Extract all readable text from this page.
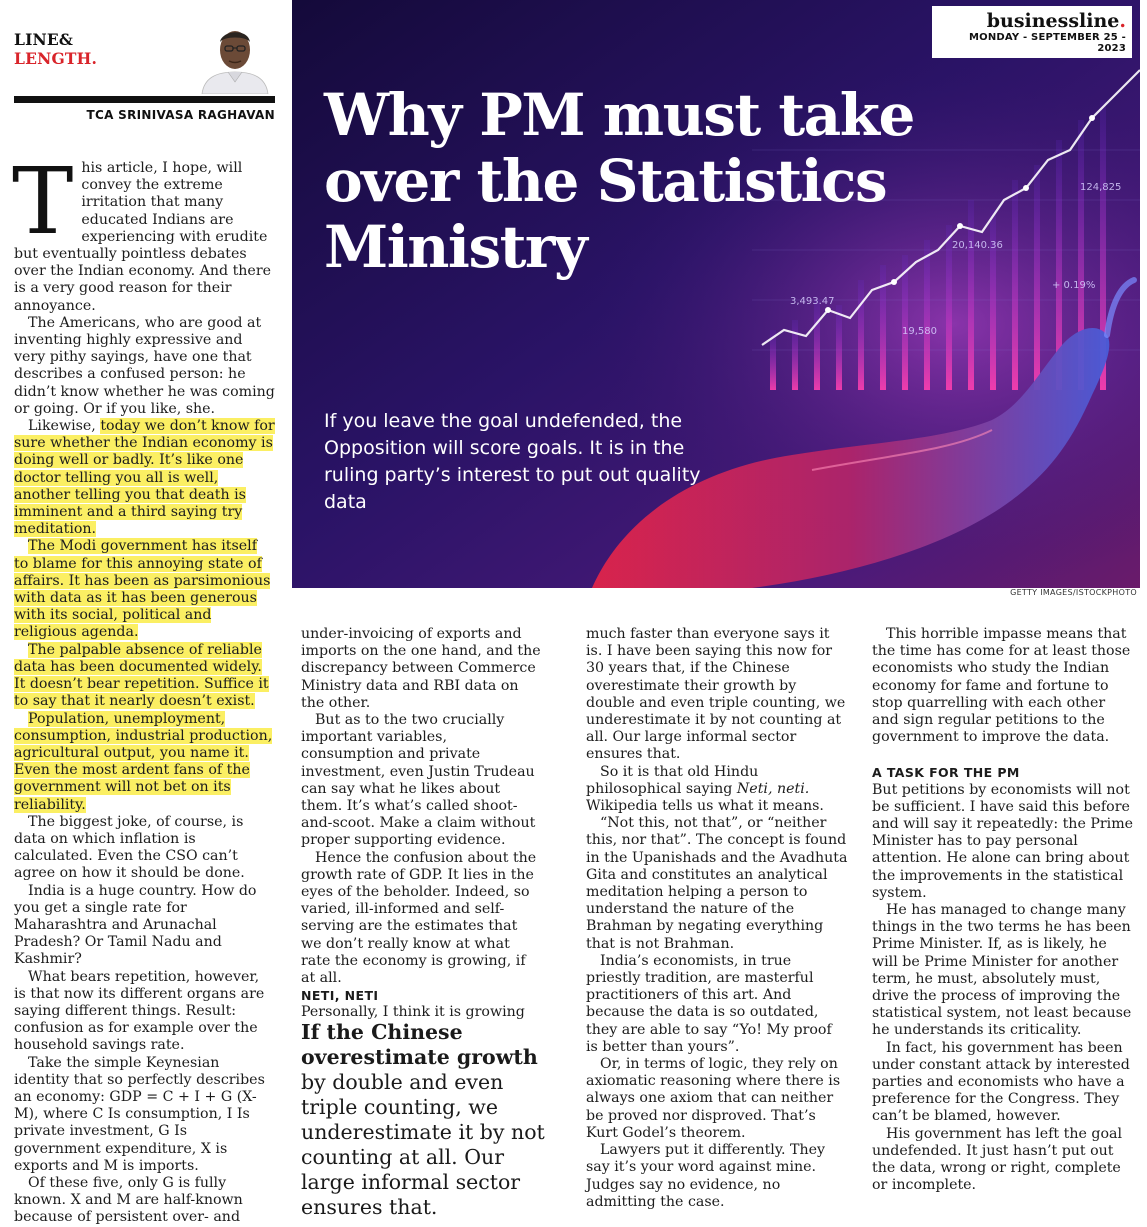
LINE&
LENGTH.
TCA SRINIVASA RAGHAVAN
124,825
20,140.36
+ 0.19%
3,493.47
19,580
Why PM must take over the Statistics Ministry
If you leave the goal undefended, the Opposition will score goals. It is in the ruling party’s interest to put out quality data
businessline.
MONDAY - SEPTEMBER 25 - 2023
GETTY IMAGES/ISTOCKPHOTO

This article, I hope, will convey the extreme irritation that many educated Indians are experiencing with erudite but eventually pointless debates over the Indian economy. And there is a very good reason for their annoyance.

The Americans, who are good at inventing highly expressive and very pithy sayings, have one that describes a confused person: he didn’t know whether he was coming or going. Or if you like, she.

Likewise, today we don’t know for sure whether the Indian economy is doing well or badly. It’s like one doctor telling you all is well, another telling you that death is imminent and a third saying try meditation.

The Modi government has itself to blame for this annoying state of affairs. It has been as parsimonious with data as it has been generous with its social, political and religious agenda.

The palpable absence of reliable data has been documented widely. It doesn’t bear repetition. Suffice it to say that it nearly doesn’t exist.

Population, unemployment, consumption, industrial production, agricultural output, you name it. Even the most ardent fans of the government will not bet on its reliability.

The biggest joke, of course, is data on which inflation is calculated. Even the CSO can’t agree on how it should be done.

India is a huge country. How do you get a single rate for Maharashtra and Arunachal Pradesh? Or Tamil Nadu and Kashmir?

What bears repetition, however, is that now its different organs are saying different things. Result: confusion as for example over the household savings rate.

Take the simple Keynesian identity that so perfectly describes an economy: GDP = C + I + G (X-M), where C Is consumption, I Is private investment, G Is government expenditure, X is exports and M is imports.

Of these five, only G is fully known. X and M are half-known because of persistent over- and

under-invoicing of exports and imports on the one hand, and the discrepancy between Commerce Ministry data and RBI data on the other.

But as to the two crucially important variables, consumption and private investment, even Justin Trudeau can say what he likes about them. It’s what’s called shoot-and-scoot. Make a claim without proper supporting evidence.

Hence the confusion about the growth rate of GDP. It lies in the eyes of the beholder. Indeed, so varied, ill-informed and self-serving are the estimates that we don’t really know at what rate the economy is growing, if at all.

NETI, NETI

Personally, I think it is growing

If the Chinese overestimate growth by double and even triple counting, we underestimate it by not counting at all. Our large informal sector ensures that.

much faster than everyone says it is. I have been saying this now for 30 years that, if the Chinese overestimate their growth by double and even triple counting, we underestimate it by not counting at all. Our large informal sector ensures that.

So it is that old Hindu philosophical saying Neti, neti. Wikipedia tells us what it means.

“Not this, not that”, or “neither this, nor that”. The concept is found in the Upanishads and the Avadhuta Gita and constitutes an analytical meditation helping a person to understand the nature of the Brahman by negating everything that is not Brahman.

India’s economists, in true priestly tradition, are masterful practitioners of this art. And because the data is so outdated, they are able to say “Yo! My proof is better than yours”.

Or, in terms of logic, they rely on axiomatic reasoning where there is always one axiom that can neither be proved nor disproved. That’s Kurt Godel’s theorem.

Lawyers put it differently. They say it’s your word against mine. Judges say no evidence, no admitting the case.

This horrible impasse means that the time has come for at least those economists who study the Indian economy for fame and fortune to stop quarrelling with each other and sign regular petitions to the government to improve the data.

A TASK FOR THE PM

But petitions by economists will not be sufficient. I have said this before and will say it repeatedly: the Prime Minister has to pay personal attention. He alone can bring about the improvements in the statistical system.

He has managed to change many things in the two terms he has been Prime Minister. If, as is likely, he will be Prime Minister for another term, he must, absolutely must, drive the process of improving the statistical system, not least because he understands its criticality.

In fact, his government has been under constant attack by interested parties and economists who have a preference for the Congress. They can’t be blamed, however.

His government has left the goal undefended. It just hasn’t put out the data, wrong or right, complete or incomplete.
